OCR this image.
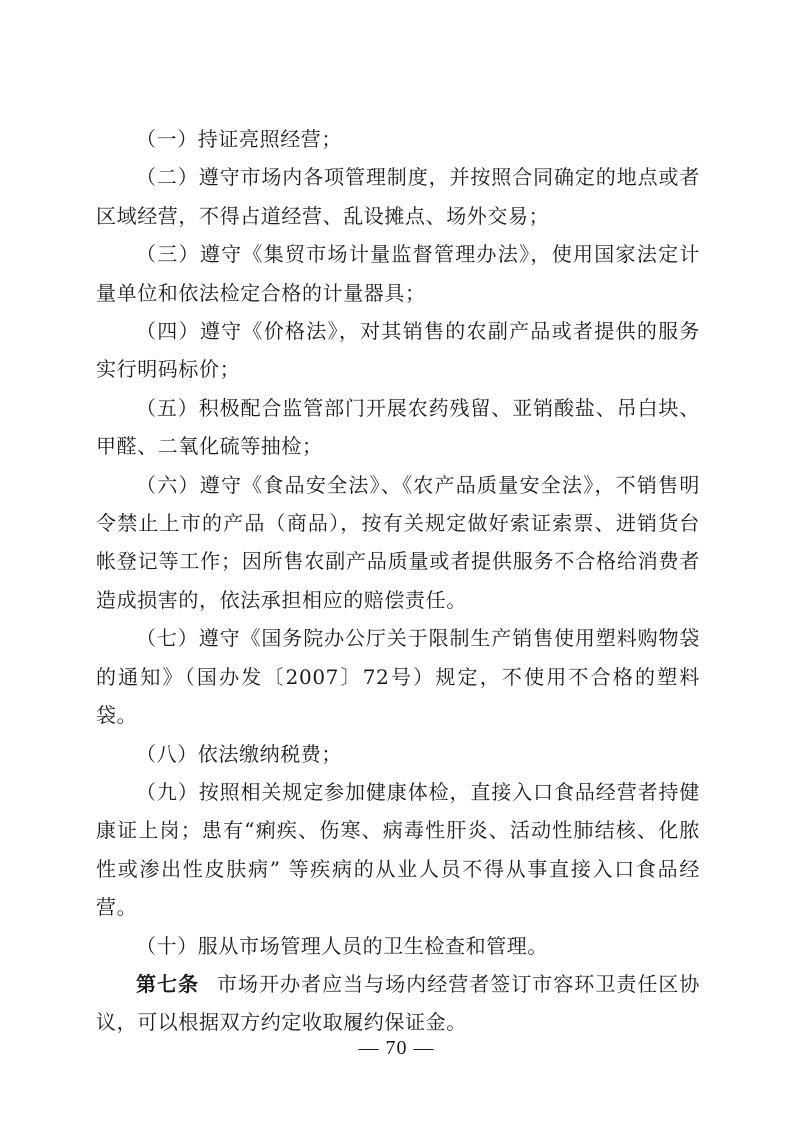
（一）持证亮照经营；

（二）遵守市场内各项管理制度，并按照合同确定的地点或者区域经营，不得占道经营、乱设摊点、场外交易；

（三）遵守《集贸市场计量监督管理办法》，使用国家法定计量单位和依法检定合格的计量器具；

（四）遵守《价格法》，对其销售的农副产品或者提供的服务实行明码标价；

（五）积极配合监管部门开展农药残留、亚销酸盐、吊白块、甲醛、二氧化硫等抽检；

（六）遵守《食品安全法》、《农产品质量安全法》，不销售明令禁止上市的产品（商品），按有关规定做好索证索票、进销货台帐登记等工作；因所售农副产品质量或者提供服务不合格给消费者造成损害的，依法承担相应的赔偿责任。

（七）遵守《国务院办公厅关于限制生产销售使用塑料购物袋的通知》（国办发〔2007〕72号）规定，不使用不合格的塑料袋。

（八）依法缴纳税费；

（九）按照相关规定参加健康体检，直接入口食品经营者持健康证上岗；患有“痢疾、伤寒、病毒性肝炎、活动性肺结核、化脓性或渗出性皮肤病” 等疾病的从业人员不得从事直接入口食品经营。

（十）服从市场管理人员的卫生检查和管理。

第七条 市场开办者应当与场内经营者签订市容环卫责任区协议，可以根据双方约定收取履约保证金。

— 70 —
